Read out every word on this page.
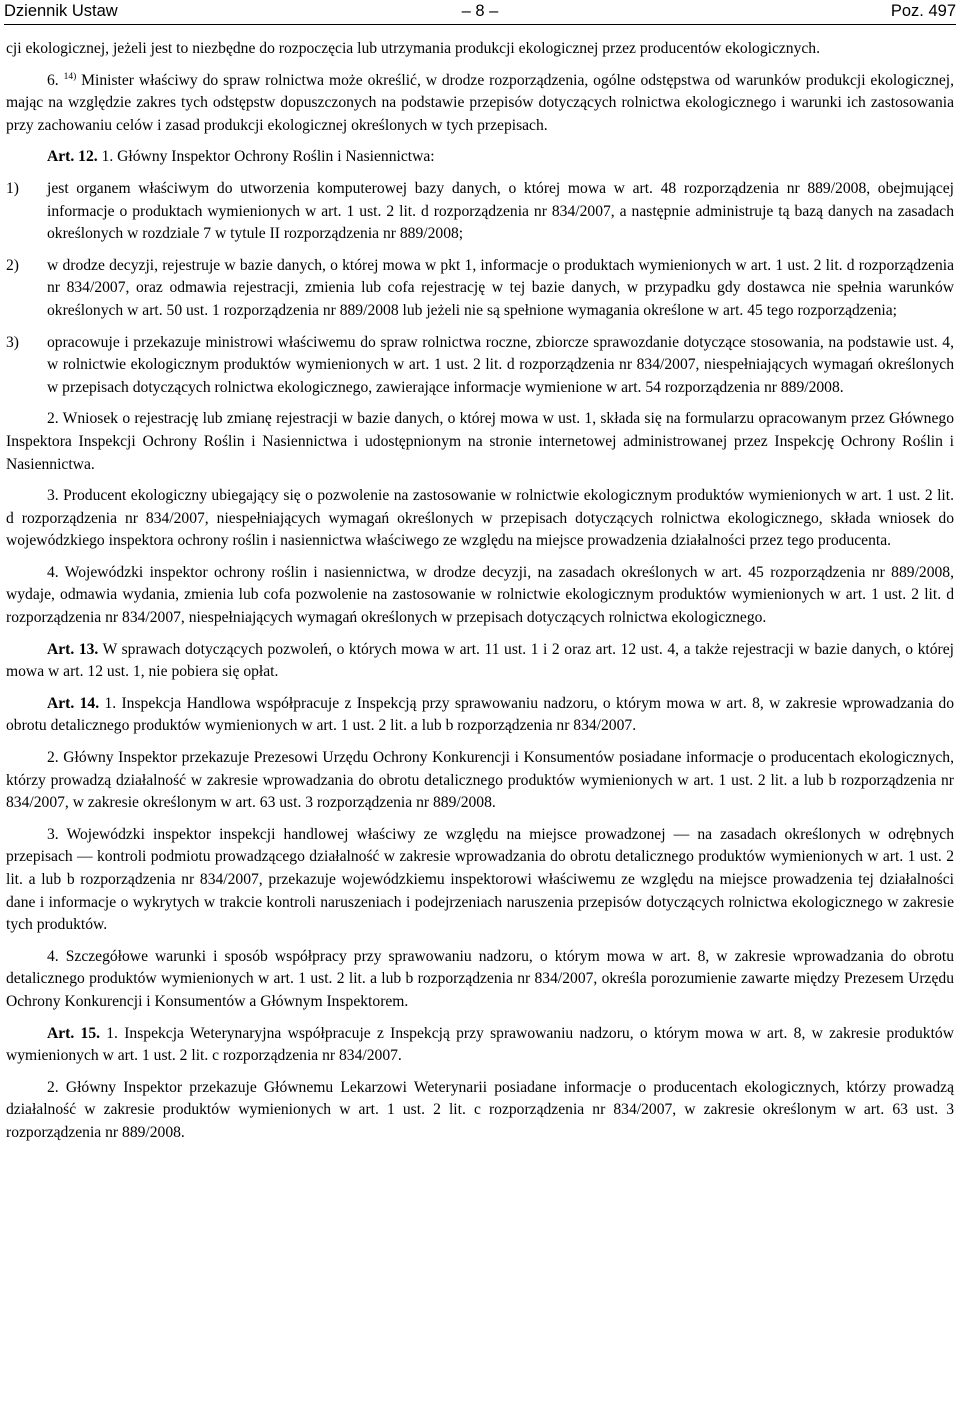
Dziennik Ustaw	– 8 –	Poz. 497

cji ekologicznej, jeżeli jest to niezbędne do rozpoczęcia lub utrzymania produkcji ekologicznej przez producentów ekologicznych.

6. $^{14)}$ Minister właściwy do spraw rolnictwa może określić, w drodze rozporządzenia, ogólne odstępstwa od warunków produkcji ekologicznej, mając na względzie zakres tych odstępstw dopuszczonych na podstawie przepisów dotyczących rolnictwa ekologicznego i warunki ich zastosowania przy zachowaniu celów i zasad produkcji ekologicznej określonych w tych przepisach.

Art. 12. 1. Główny Inspektor Ochrony Roślin i Nasiennictwa:

1) jest organem właściwym do utworzenia komputerowej bazy danych, o której mowa w art. 48 rozporządzenia nr 889/2008, obejmującej informacje o produktach wymienionych w art. 1 ust. 2 lit. d rozporządzenia nr 834/2007, a następnie administruje tą bazą danych na zasadach określonych w rozdziale 7 w tytule II rozporządzenia nr 889/2008;
2) w drodze decyzji, rejestruje w bazie danych, o której mowa w pkt 1, informacje o produktach wymienionych w art. 1 ust. 2 lit. d rozporządzenia nr 834/2007, oraz odmawia rejestracji, zmienia lub cofa rejestrację w tej bazie danych, w przypadku gdy dostawca nie spełnia warunków określonych w art. 50 ust. 1 rozporządzenia nr 889/2008 lub jeżeli nie są spełnione wymagania określone w art. 45 tego rozporządzenia;
3) opracowuje i przekazuje ministrowi właściwemu do spraw rolnictwa roczne, zbiorcze sprawozdanie dotyczące stosowania, na podstawie ust. 4, w rolnictwie ekologicznym produktów wymienionych w art. 1 ust. 2 lit. d rozporządzenia nr 834/2007, niespełniających wymagań określonych w przepisach dotyczących rolnictwa ekologicznego, zawierające informacje wymienione w art. 54 rozporządzenia nr 889/2008.

2. Wniosek o rejestrację lub zmianę rejestracji w bazie danych, o której mowa w ust. 1, składa się na formularzu opracowanym przez Głównego Inspektora Inspekcji Ochrony Roślin i Nasiennictwa i udostępnionym na stronie internetowej administrowanej przez Inspekcję Ochrony Roślin i Nasiennictwa.

3. Producent ekologiczny ubiegający się o pozwolenie na zastosowanie w rolnictwie ekologicznym produktów wymienionych w art. 1 ust. 2 lit. d rozporządzenia nr 834/2007, niespełniających wymagań określonych w przepisach dotyczących rolnictwa ekologicznego, składa wniosek do wojewódzkiego inspektora ochrony roślin i nasiennictwa właściwego ze względu na miejsce prowadzenia działalności przez tego producenta.

4. Wojewódzki inspektor ochrony roślin i nasiennictwa, w drodze decyzji, na zasadach określonych w art. 45 rozporządzenia nr 889/2008, wydaje, odmawia wydania, zmienia lub cofa pozwolenie na zastosowanie w rolnictwie ekologicznym produktów wymienionych w art. 1 ust. 2 lit. d rozporządzenia nr 834/2007, niespełniających wymagań określonych w przepisach dotyczących rolnictwa ekologicznego.

Art. 13. W sprawach dotyczących pozwoleń, o których mowa w art. 11 ust. 1 i 2 oraz art. 12 ust. 4, a także rejestracji w bazie danych, o której mowa w art. 12 ust. 1, nie pobiera się opłat.

Art. 14. 1. Inspekcja Handlowa współpracuje z Inspekcją przy sprawowaniu nadzoru, o którym mowa w art. 8, w zakresie wprowadzania do obrotu detalicznego produktów wymienionych w art. 1 ust. 2 lit. a lub b rozporządzenia nr 834/2007.

2. Główny Inspektor przekazuje Prezesowi Urzędu Ochrony Konkurencji i Konsumentów posiadane informacje o producentach ekologicznych, którzy prowadzą działalność w zakresie wprowadzania do obrotu detalicznego produktów wymienionych w art. 1 ust. 2 lit. a lub b rozporządzenia nr 834/2007, w zakresie określonym w art. 63 ust. 3 rozporządzenia nr 889/2008.

3. Wojewódzki inspektor inspekcji handlowej właściwy ze względu na miejsce prowadzonej — na zasadach określonych w odrębnych przepisach — kontroli podmiotu prowadzącego działalność w zakresie wprowadzania do obrotu detalicznego produktów wymienionych w art. 1 ust. 2 lit. a lub b rozporządzenia nr 834/2007, przekazuje wojewódzkiemu inspektorowi właściwemu ze względu na miejsce prowadzenia tej działalności dane i informacje o wykrytych w trakcie kontroli naruszeniach i podejrzeniach naruszenia przepisów dotyczących rolnictwa ekologicznego w zakresie tych produktów.

4. Szczegółowe warunki i sposób współpracy przy sprawowaniu nadzoru, o którym mowa w art. 8, w zakresie wprowadzania do obrotu detalicznego produktów wymienionych w art. 1 ust. 2 lit. a lub b rozporządzenia nr 834/2007, określa porozumienie zawarte między Prezesem Urzędu Ochrony Konkurencji i Konsumentów a Głównym Inspektorem.

Art. 15. 1. Inspekcja Weterynaryjna współpracuje z Inspekcją przy sprawowaniu nadzoru, o którym mowa w art. 8, w zakresie produktów wymienionych w art. 1 ust. 2 lit. c rozporządzenia nr 834/2007.

2. Główny Inspektor przekazuje Głównemu Lekarzowi Weterynarii posiadane informacje o producentach ekologicznych, którzy prowadzą działalność w zakresie produktów wymienionych w art. 1 ust. 2 lit. c rozporządzenia nr 834/2007, w zakresie określonym w art. 63 ust. 3 rozporządzenia nr 889/2008.
